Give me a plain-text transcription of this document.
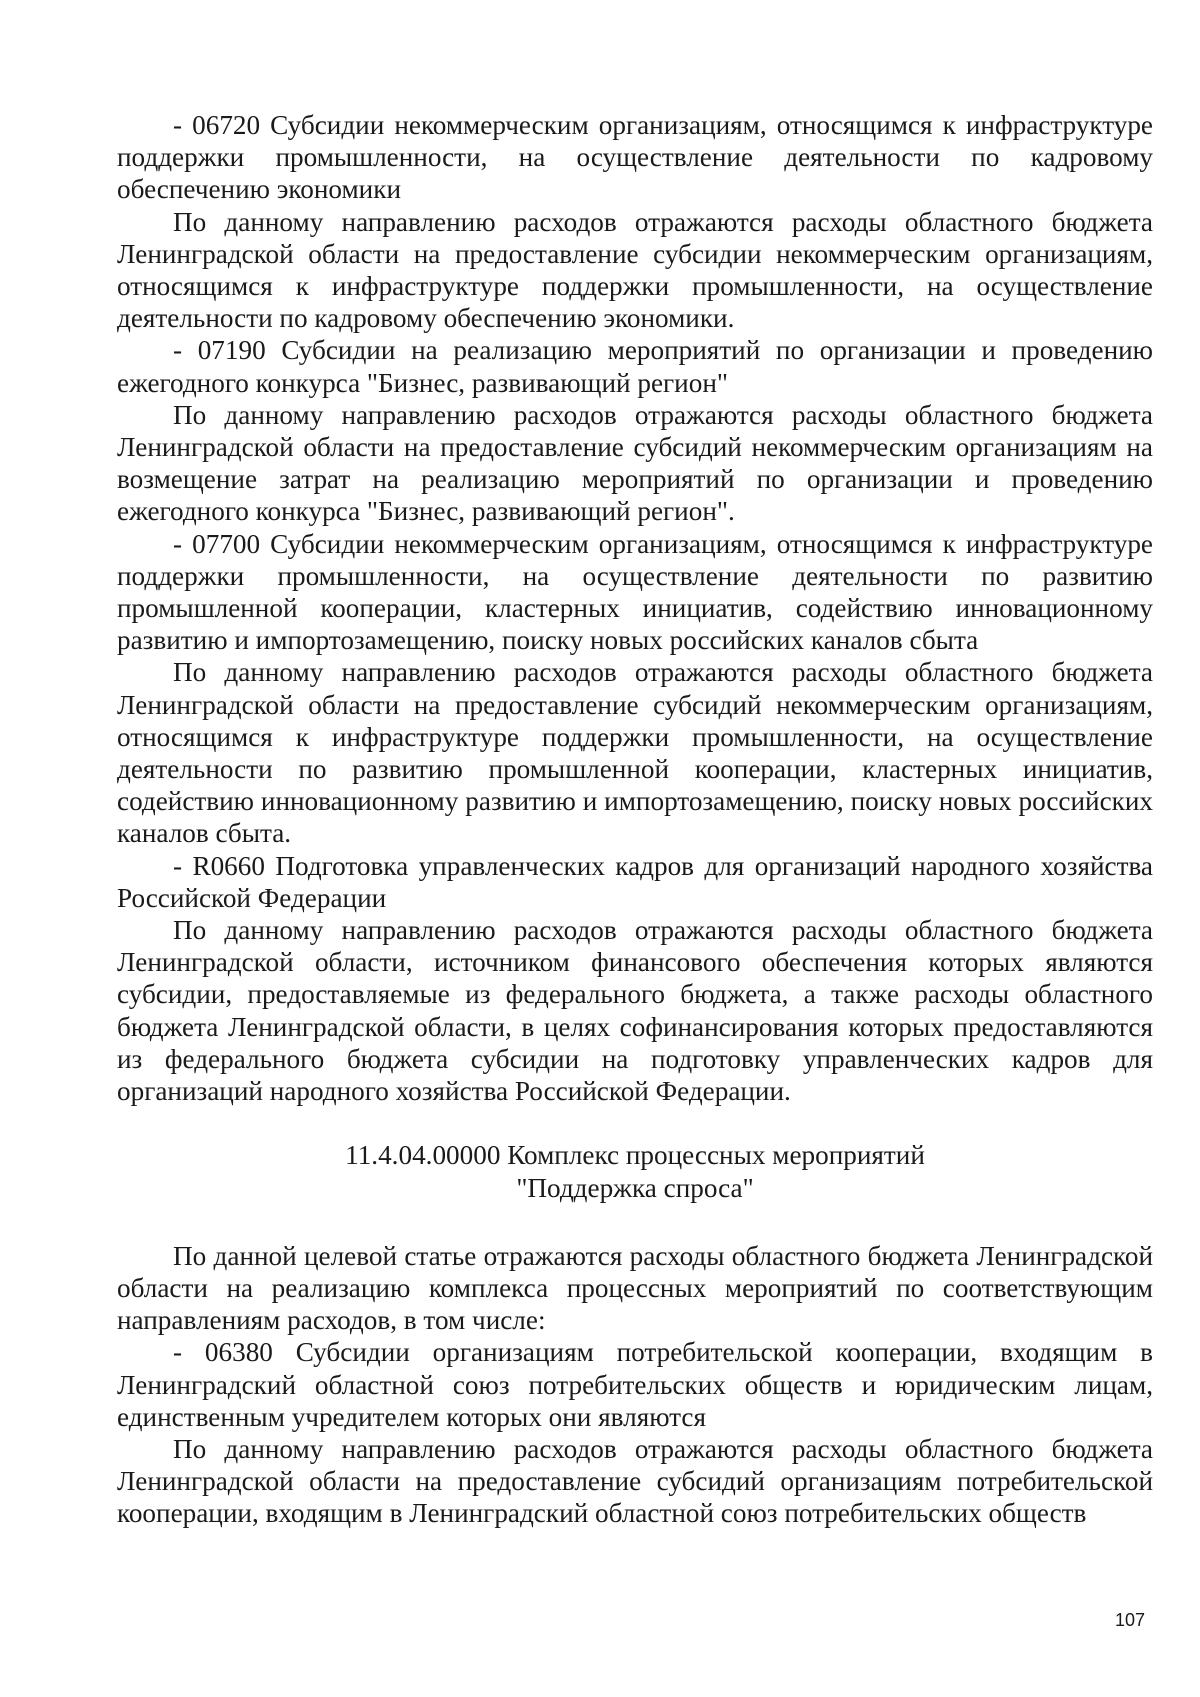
- 06720 Субсидии некоммерческим организациям, относящимся к инфраструктуре поддержки промышленности, на осуществление деятельности по кадровому обеспечению экономики

По данному направлению расходов отражаются расходы областного бюджета Ленинградской области на предоставление субсидии некоммерческим организациям, относящимся к инфраструктуре поддержки промышленности, на осуществление деятельности по кадровому обеспечению экономики.

- 07190 Субсидии на реализацию мероприятий по организации и проведению ежегодного конкурса "Бизнес, развивающий регион"

По данному направлению расходов отражаются расходы областного бюджета Ленинградской области на предоставление субсидий некоммерческим организациям на возмещение затрат на реализацию мероприятий по организации и проведению ежегодного конкурса "Бизнес, развивающий регион".

- 07700 Субсидии некоммерческим организациям, относящимся к инфраструктуре поддержки промышленности, на осуществление деятельности по развитию промышленной кооперации, кластерных инициатив, содействию инновационному развитию и импортозамещению, поиску новых российских каналов сбыта

По данному направлению расходов отражаются расходы областного бюджета Ленинградской области на предоставление субсидий некоммерческим организациям, относящимся к инфраструктуре поддержки промышленности, на осуществление деятельности по развитию промышленной кооперации, кластерных инициатив, содействию инновационному развитию и импортозамещению, поиску новых российских каналов сбыта.

- R0660 Подготовка управленческих кадров для организаций народного хозяйства Российской Федерации

По данному направлению расходов отражаются расходы областного бюджета Ленинградской области, источником финансового обеспечения которых являются субсидии, предоставляемые из федерального бюджета, а также расходы областного бюджета Ленинградской области, в целях софинансирования которых предоставляются из федерального бюджета субсидии на подготовку управленческих кадров для организаций народного хозяйства Российской Федерации.

11.4.04.00000 Комплекс процессных мероприятий
"Поддержка спроса"

По данной целевой статье отражаются расходы областного бюджета Ленинградской области на реализацию комплекса процессных мероприятий по соответствующим направлениям расходов, в том числе:

- 06380 Субсидии организациям потребительской кооперации, входящим в Ленинградский областной союз потребительских обществ и юридическим лицам, единственным учредителем которых они являются

По данному направлению расходов отражаются расходы областного бюджета Ленинградской области на предоставление субсидий организациям потребительской кооперации, входящим в Ленинградский областной союз потребительских обществ

107
